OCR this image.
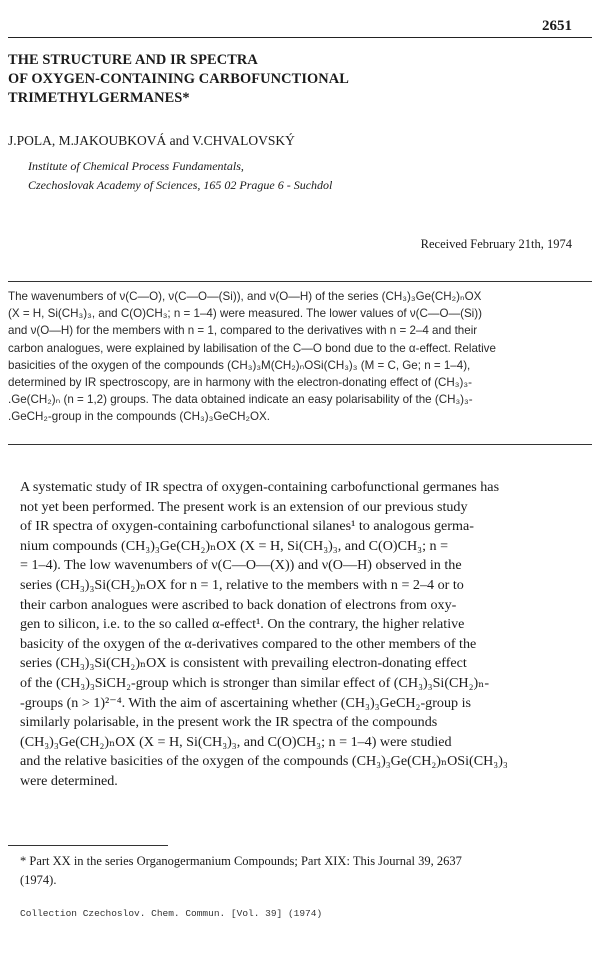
2651
THE STRUCTURE AND IR SPECTRA
OF OXYGEN-CONTAINING CARBOFUNCTIONAL
TRIMETHYLGERMANES*
J.POLA, M.JAKOUBKOVÁ and V.CHVALOVSKÝ
Institute of Chemical Process Fundamentals,
Czechoslovak Academy of Sciences, 165 02 Prague 6 - Suchdol
Received February 21th, 1974
The wavenumbers of ν(C—O), ν(C—O—(Si)), and ν(O—H) of the series (CH₃)₃Ge(CH₂)ₙOX
(X = H, Si(CH₃)₃, and C(O)CH₃; n = 1–4) were measured. The lower values of ν(C—O—(Si))
and ν(O—H) for the members with n = 1, compared to the derivatives with n = 2–4 and their
carbon analogues, were explained by labilisation of the C—O bond due to the α-effect. Relative
basicities of the oxygen of the compounds (CH₃)₃M(CH₂)ₙOSi(CH₃)₃ (M = C, Ge; n = 1–4),
determined by IR spectroscopy, are in harmony with the electron-donating effect of (CH₃)₃-
.Ge(CH₂)ₙ (n = 1,2) groups. The data obtained indicate an easy polarisability of the (CH₃)₃-
.GeCH₂-group in the compounds (CH₃)₃GeCH₂OX.
A systematic study of IR spectra of oxygen-containing carbofunctional germanes has
not yet been performed. The present work is an extension of our previous study
of IR spectra of oxygen-containing carbofunctional silanes¹ to analogous germa-
nium compounds (CH₃)₃Ge(CH₂)ₙOX (X = H, Si(CH₃)₃, and C(O)CH₃; n =
= 1–4). The low wavenumbers of ν(C—O—(X)) and ν(O—H) observed in the
series (CH₃)₃Si(CH₂)ₙOX for n = 1, relative to the members with n = 2–4 or to
their carbon analogues were ascribed to back donation of electrons from oxy-
gen to silicon, i.e. to the so called α-effect¹. On the contrary, the higher relative
basicity of the oxygen of the α-derivatives compared to the other members of the
series (CH₃)₃Si(CH₂)ₙOX is consistent with prevailing electron-donating effect
of the (CH₃)₃SiCH₂-group which is stronger than similar effect of (CH₃)₃Si(CH₂)ₙ-
-groups (n > 1)²⁻⁴. With the aim of ascertaining whether (CH₃)₃GeCH₂-group is
similarly polarisable, in the present work the IR spectra of the compounds
(CH₃)₃Ge(CH₂)ₙOX (X = H, Si(CH₃)₃, and C(O)CH₃; n = 1–4) were studied
and the relative basicities of the oxygen of the compounds (CH₃)₃Ge(CH₂)ₙOSi(CH₃)₃
were determined.
* Part XX in the series Organogermanium Compounds; Part XIX: This Journal 39, 2637
(1974).
Collection Czechoslov. Chem. Commun. [Vol. 39] (1974)
